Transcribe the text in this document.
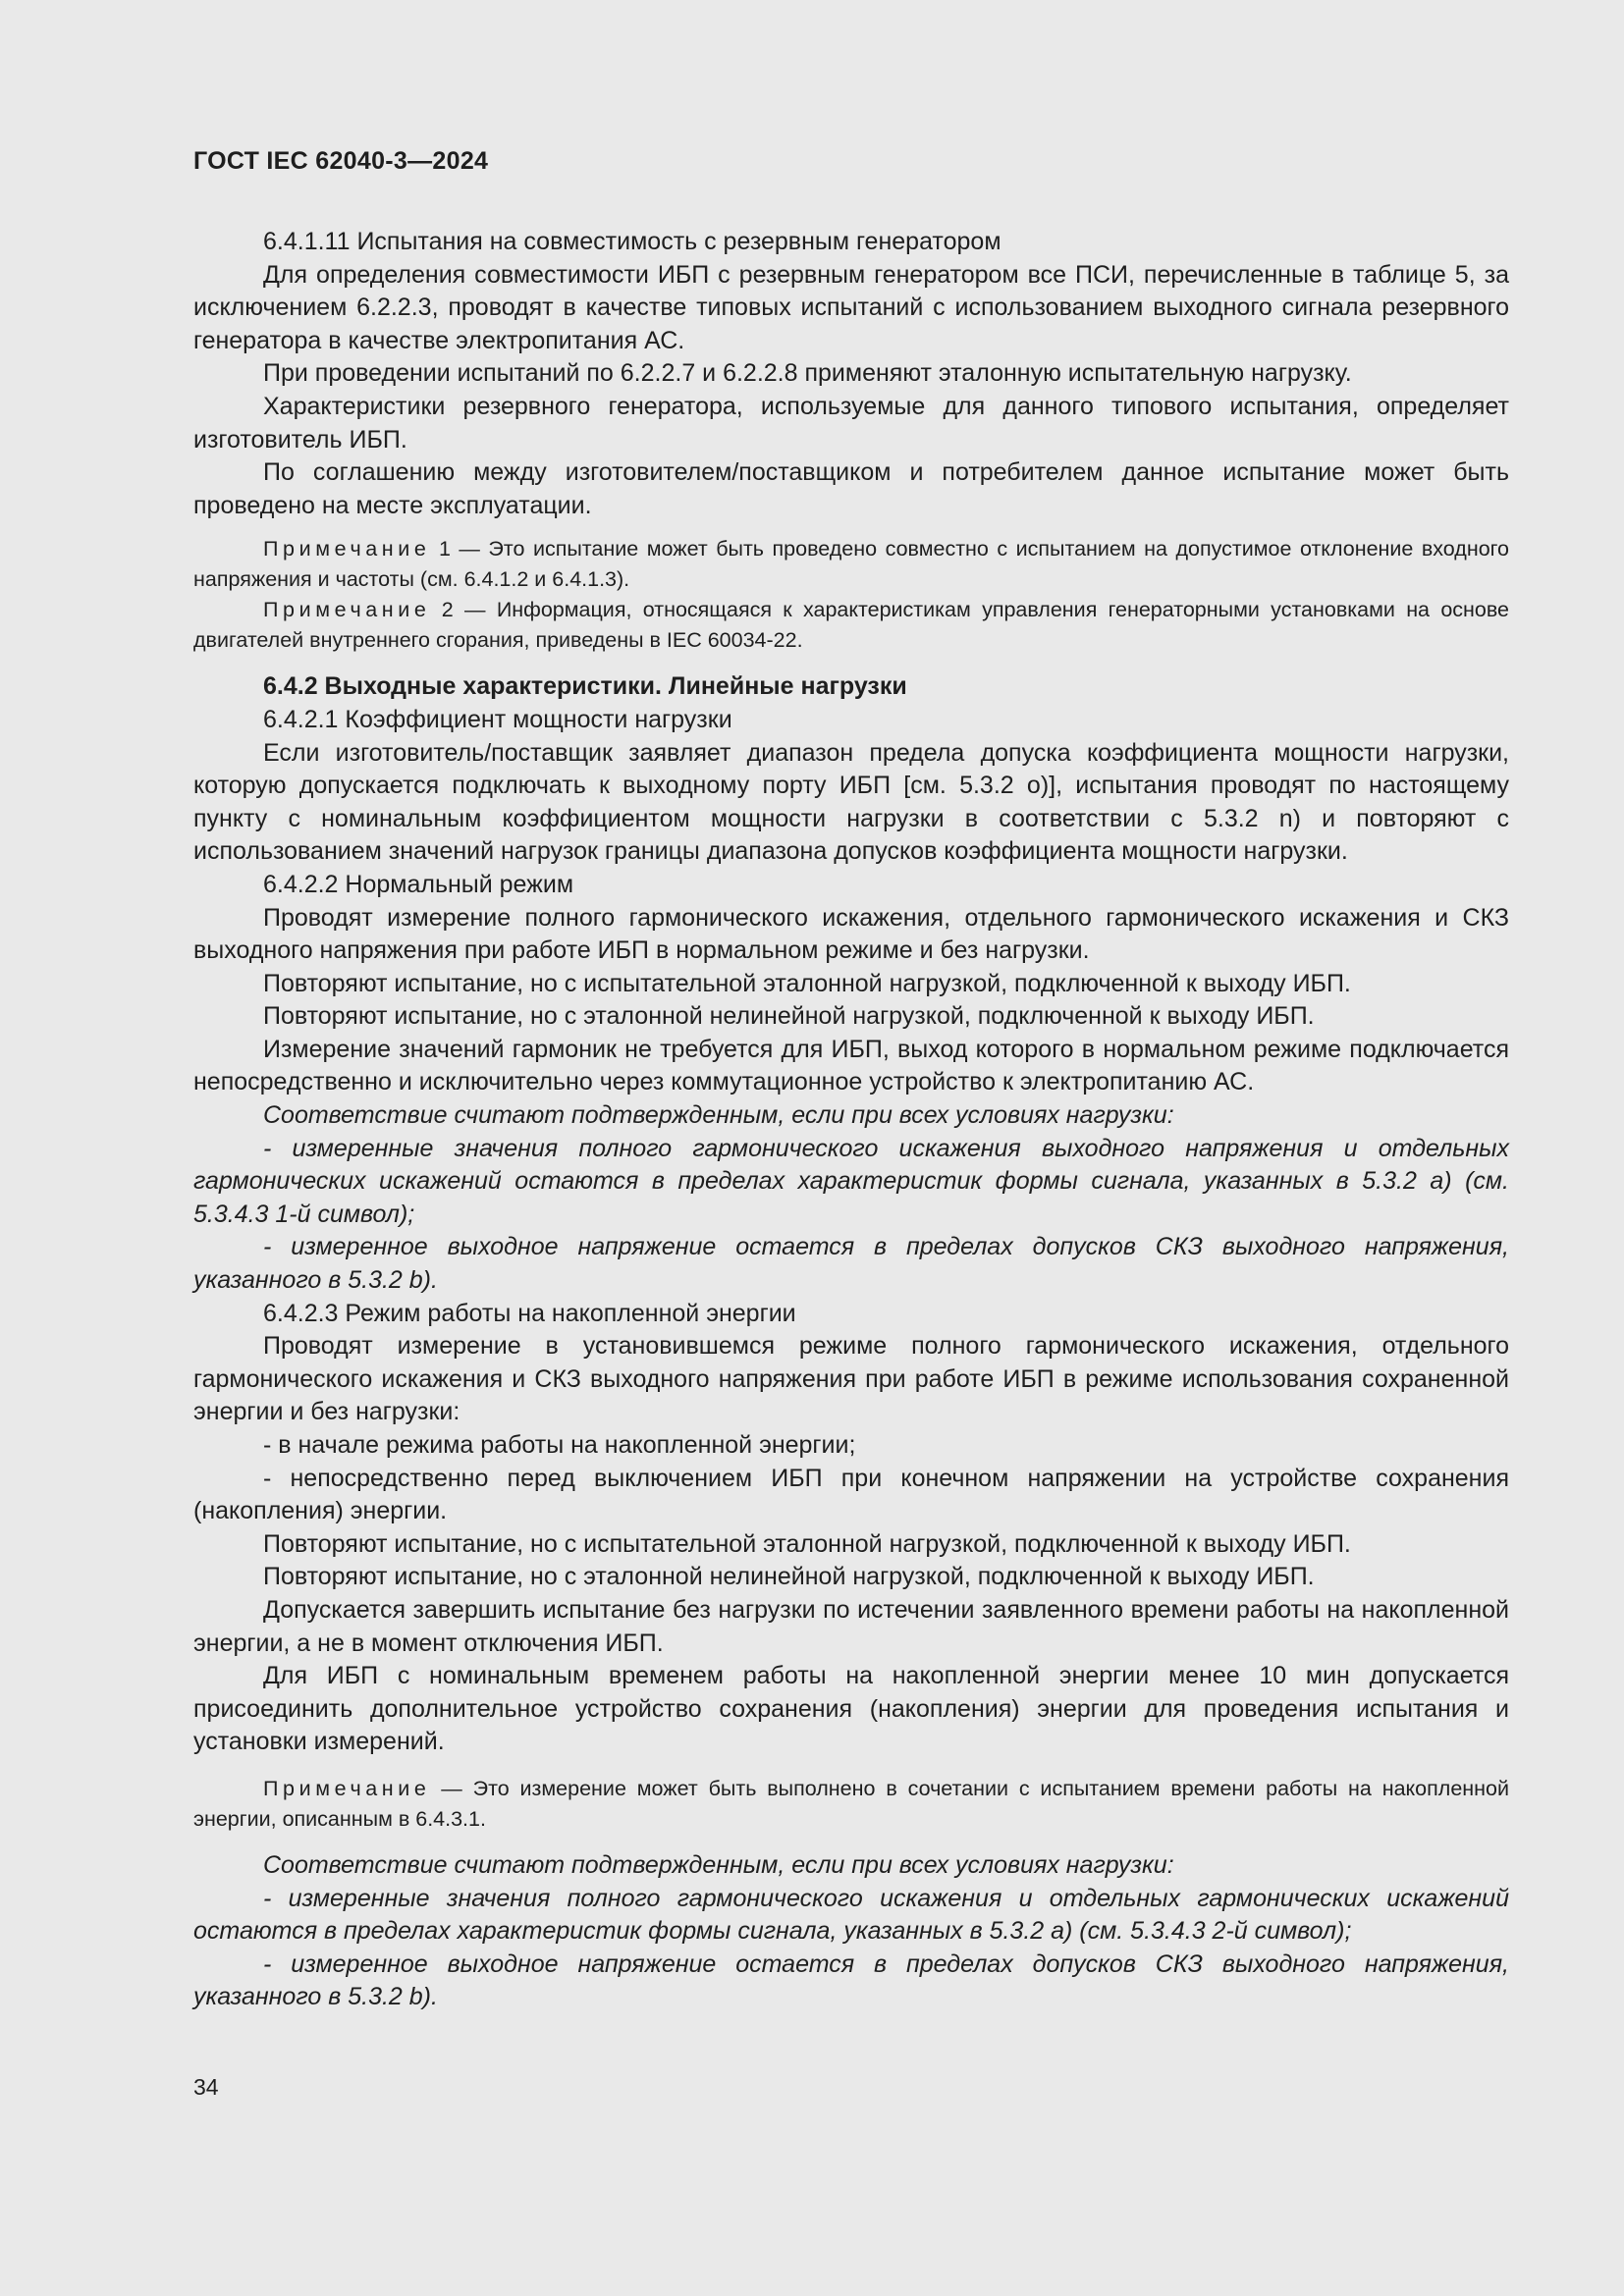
ГОСТ IEC 62040-3—2024

6.4.1.11 Испытания на совместимость с резервным генератором

Для определения совместимости ИБП с резервным генератором все ПСИ, перечисленные в таблице 5, за исключением 6.2.2.3, проводят в качестве типовых испытаний с использованием выходного сигнала резервного генератора в качестве электропитания АС.

При проведении испытаний по 6.2.2.7 и 6.2.2.8 применяют эталонную испытательную нагрузку.

Характеристики резервного генератора, используемые для данного типового испытания, определяет изготовитель ИБП.

По соглашению между изготовителем/поставщиком и потребителем данное испытание может быть проведено на месте эксплуатации.

Примечание 1 — Это испытание может быть проведено совместно с испытанием на допустимое отклонение входного напряжения и частоты (см. 6.4.1.2 и 6.4.1.3).

Примечание 2 — Информация, относящаяся к характеристикам управления генераторными установками на основе двигателей внутреннего сгорания, приведены в IEC 60034-22.

6.4.2 Выходные характеристики. Линейные нагрузки

6.4.2.1 Коэффициент мощности нагрузки

Если изготовитель/поставщик заявляет диапазон предела допуска коэффициента мощности нагрузки, которую допускается подключать к выходному порту ИБП [см. 5.3.2 o)], испытания проводят по настоящему пункту с номинальным коэффициентом мощности нагрузки в соответствии с 5.3.2 n) и повторяют с использованием значений нагрузок границы диапазона допусков коэффициента мощности нагрузки.

6.4.2.2 Нормальный режим

Проводят измерение полного гармонического искажения, отдельного гармонического искажения и СКЗ выходного напряжения при работе ИБП в нормальном режиме и без нагрузки.

Повторяют испытание, но с испытательной эталонной нагрузкой, подключенной к выходу ИБП.

Повторяют испытание, но с эталонной нелинейной нагрузкой, подключенной к выходу ИБП.

Измерение значений гармоник не требуется для ИБП, выход которого в нормальном режиме подключается непосредственно и исключительно через коммутационное устройство к электропитанию АС.

Соответствие считают подтвержденным, если при всех условиях нагрузки:

- измеренные значения полного гармонического искажения выходного напряжения и отдельных гармонических искажений остаются в пределах характеристик формы сигнала, указанных в 5.3.2 a) (см. 5.3.4.3 1-й символ);

- измеренное выходное напряжение остается в пределах допусков СКЗ выходного напряжения, указанного в 5.3.2 b).

6.4.2.3 Режим работы на накопленной энергии

Проводят измерение в установившемся режиме полного гармонического искажения, отдельного гармонического искажения и СКЗ выходного напряжения при работе ИБП в режиме использования сохраненной энергии и без нагрузки:

- в начале режима работы на накопленной энергии;

- непосредственно перед выключением ИБП при конечном напряжении на устройстве сохранения (накопления) энергии.

Повторяют испытание, но с испытательной эталонной нагрузкой, подключенной к выходу ИБП.

Повторяют испытание, но с эталонной нелинейной нагрузкой, подключенной к выходу ИБП.

Допускается завершить испытание без нагрузки по истечении заявленного времени работы на накопленной энергии, а не в момент отключения ИБП.

Для ИБП с номинальным временем работы на накопленной энергии менее 10 мин допускается присоединить дополнительное устройство сохранения (накопления) энергии для проведения испытания и установки измерений.

Примечание — Это измерение может быть выполнено в сочетании с испытанием времени работы на накопленной энергии, описанным в 6.4.3.1.

Соответствие считают подтвержденным, если при всех условиях нагрузки:

- измеренные значения полного гармонического искажения и отдельных гармонических искажений остаются в пределах характеристик формы сигнала, указанных в 5.3.2 a) (см. 5.3.4.3 2-й символ);

- измеренное выходное напряжение остается в пределах допусков СКЗ выходного напряжения, указанного в 5.3.2 b).

34
